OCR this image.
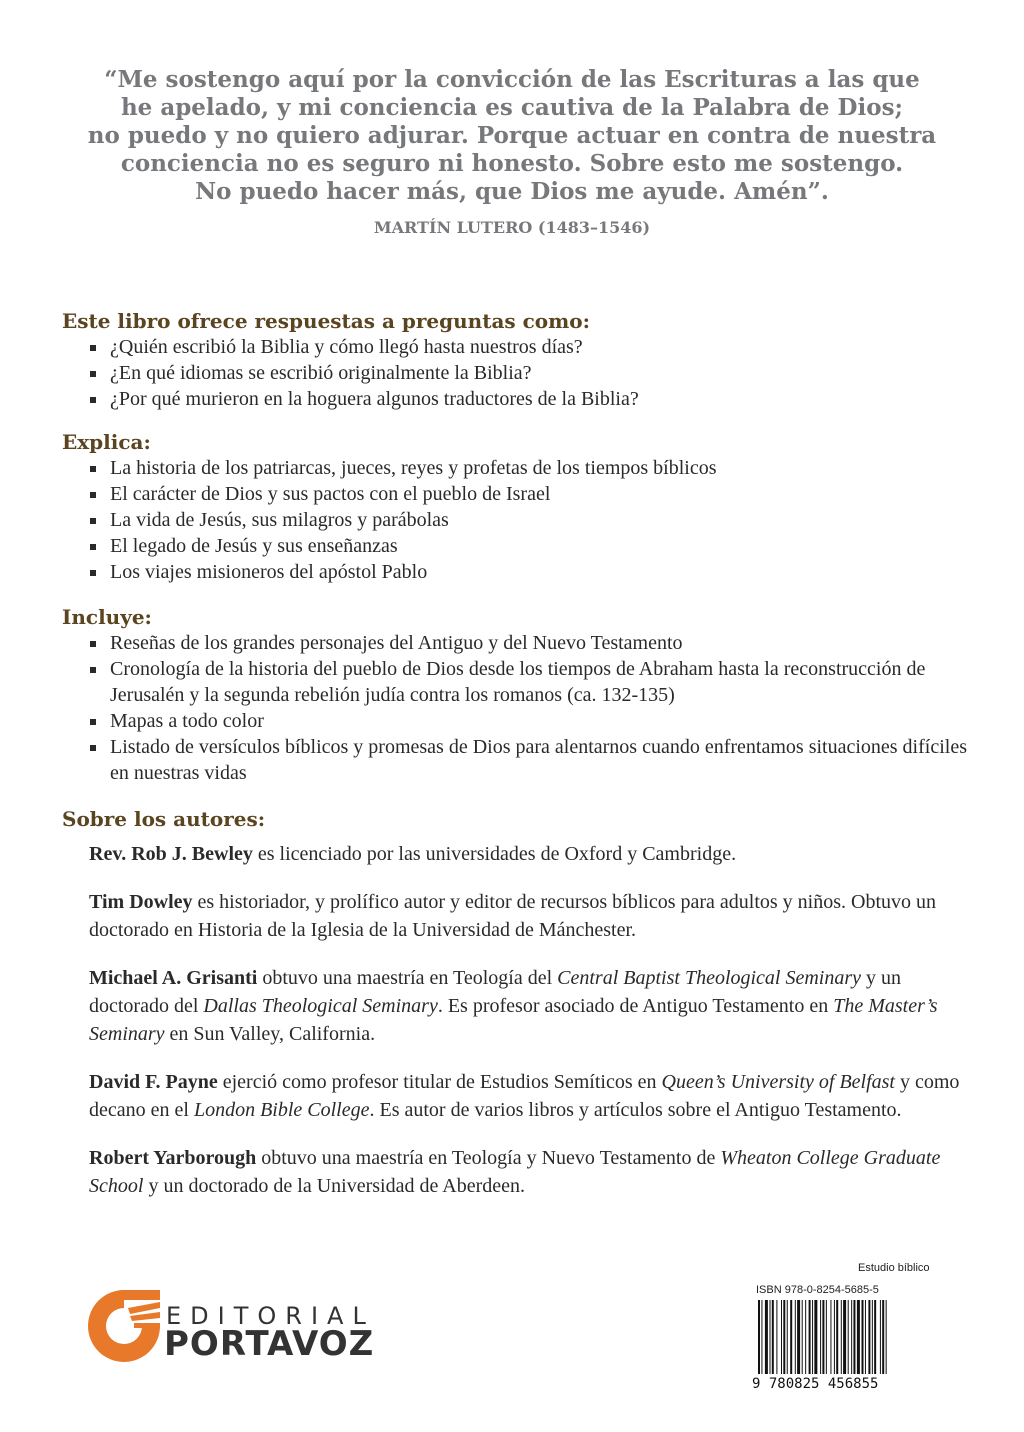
“Me sostengo aquí por la convicción de las Escrituras a las que
he apelado, y mi conciencia es cautiva de la Palabra de Dios;
no puedo y no quiero adjurar. Porque actuar en contra de nuestra
conciencia no es seguro ni honesto. Sobre esto me sostengo.
No puedo hacer más, que Dios me ayude. Amén”.
MARTÍN LUTERO (1483–1546)
Este libro ofrece respuestas a preguntas como:
¿Quién escribió la Biblia y cómo llegó hasta nuestros días?
¿En qué idiomas se escribió originalmente la Biblia?
¿Por qué murieron en la hoguera algunos traductores de la Biblia?
Explica:
La historia de los patriarcas, jueces, reyes y profetas de los tiempos bíblicos
El carácter de Dios y sus pactos con el pueblo de Israel
La vida de Jesús, sus milagros y parábolas
El legado de Jesús y sus enseñanzas
Los viajes misioneros del apóstol Pablo
Incluye:
Reseñas de los grandes personajes del Antiguo y del Nuevo Testamento
Cronología de la historia del pueblo de Dios desde los tiempos de Abraham hasta la reconstrucción de Jerusalén y la segunda rebelión judía contra los romanos (ca. 132-135)
Mapas a todo color
Listado de versículos bíblicos y promesas de Dios para alentarnos cuando enfrentamos situaciones difíciles en nuestras vidas
Sobre los autores:

Rev. Rob J. Bewley es licenciado por las universidades de Oxford y Cambridge.

Tim Dowley es historiador, y prolífico autor y editor de recursos bíblicos para adultos y niños. Obtuvo un doctorado en Historia de la Iglesia de la Universidad de Mánchester.

Michael A. Grisanti obtuvo una maestría en Teología del Central Baptist Theological Seminary y un doctorado del Dallas Theological Seminary. Es profesor asociado de Antiguo Testamento en The Master’s Seminary en Sun Valley, California.

David F. Payne ejerció como profesor titular de Estudios Semíticos en Queen’s University of Belfast y como decano en el London Bible College. Es autor de varios libros y artículos sobre el Antiguo Testamento.

Robert Yarborough obtuvo una maestría en Teología y Nuevo Testamento de Wheaton College Graduate School y un doctorado de la Universidad de Aberdeen.

EDITORIAL
PORTAVOZ
Estudio bíblico
ISBN 978-0-8254-5685-5
9 780825 456855
